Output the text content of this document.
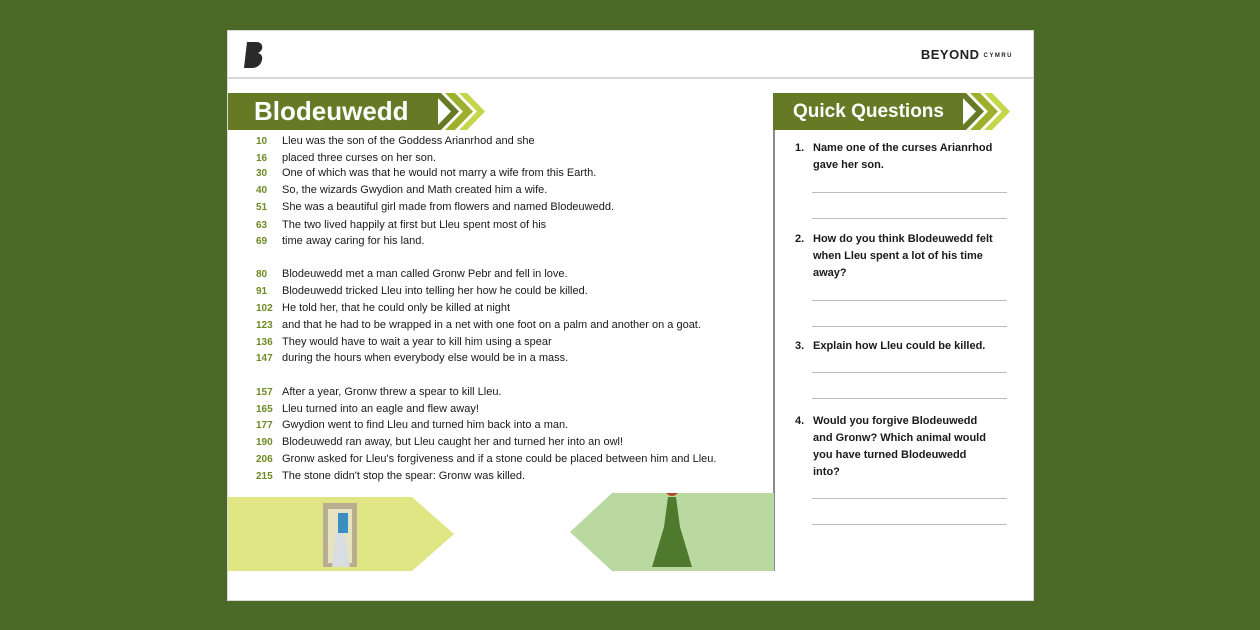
BEYOND CYMRU
Blodeuwedd
10 Lleu was the son of the Goddess Arianrhod and she
16 placed three curses on her son.
30 One of which was that he would not marry a wife from this Earth.
40 So, the wizards Gwydion and Math created him a wife.
51 She was a beautiful girl made from flowers and named Blodeuwedd.
63 The two lived happily at first but Lleu spent most of his
69 time away caring for his land.
80 Blodeuwedd met a man called Gronw Pebr and fell in love.
91 Blodeuwedd tricked Lleu into telling her how he could be killed.
102 He told her, that he could only be killed at night
123 and that he had to be wrapped in a net with one foot on a palm and another on a goat.
136 They would have to wait a year to kill him using a spear
147 during the hours when everybody else would be in a mass.
157 After a year, Gronw threw a spear to kill Lleu.
165 Lleu turned into an eagle and flew away!
177 Gwydion went to find Lleu and turned him back into a man.
190 Blodeuwedd ran away, but Lleu caught her and turned her into an owl!
206 Gronw asked for Lleu's forgiveness and if a stone could be placed between him and Lleu.
215 The stone didn't stop the spear: Gronw was killed.
Quick Questions
1. Name one of the curses Arianrhod gave her son.
2. How do you think Blodeuwedd felt when Lleu spent a lot of his time away?
3. Explain how Lleu could be killed.
4. Would you forgive Blodeuwedd and Gronw? Which animal would you have turned Blodeuwedd into?
